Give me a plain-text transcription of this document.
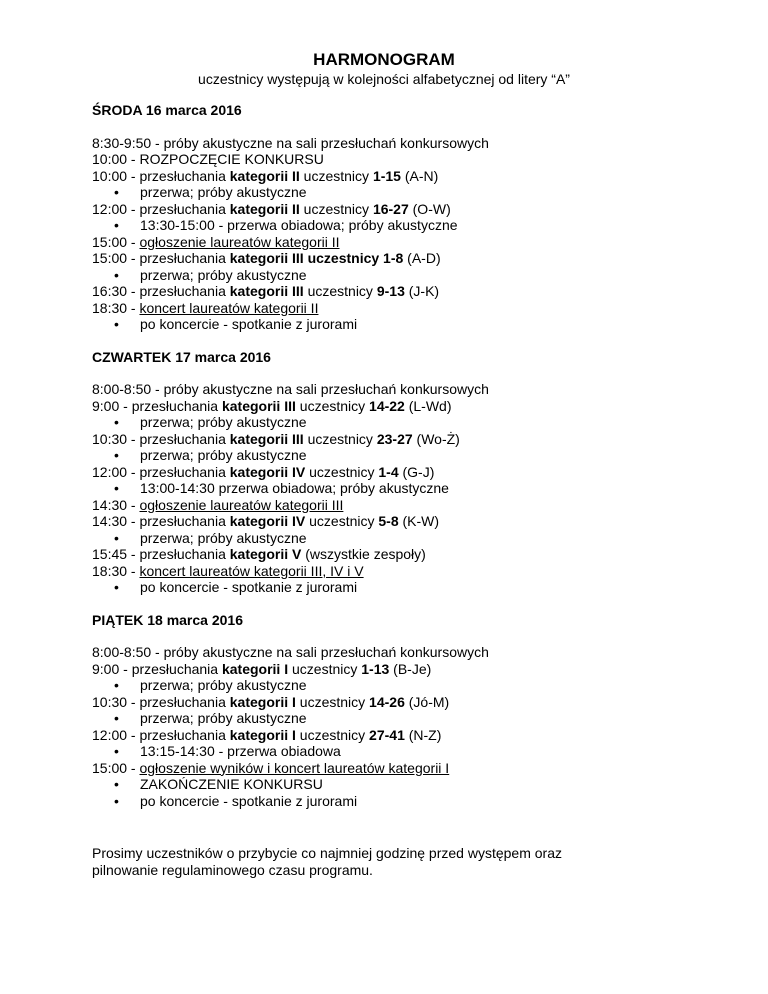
HARMONOGRAM

uczestnicy występują w kolejności alfabetycznej od litery “A”

ŚRODA 16 marca 2016

8:30-9:50 - próby akustyczne na sali przesłuchań konkursowych
10:00 - ROZPOCZĘCIE KONKURSU
10:00 - przesłuchania kategorii II uczestnicy 1-15 (A-N)
• przerwa; próby akustyczne
12:00 - przesłuchania kategorii II uczestnicy 16-27 (O-W)
• 13:30-15:00 - przerwa obiadowa; próby akustyczne
15:00 - ogłoszenie laureatów kategorii II
15:00 - przesłuchania kategorii III uczestnicy 1-8 (A-D)
• przerwa; próby akustyczne
16:30 - przesłuchania kategorii III uczestnicy 9-13 (J-K)
18:30 - koncert laureatów kategorii II
• po koncercie - spotkanie z jurorami

CZWARTEK 17 marca 2016

8:00-8:50 - próby akustyczne na sali przesłuchań konkursowych
9:00 - przesłuchania kategorii III uczestnicy 14-22 (L-Wd)
• przerwa; próby akustyczne
10:30 - przesłuchania kategorii III uczestnicy 23-27 (Wo-Ż)
• przerwa; próby akustyczne
12:00 - przesłuchania kategorii IV uczestnicy 1-4 (G-J)
• 13:00-14:30 przerwa obiadowa; próby akustyczne
14:30 - ogłoszenie laureatów kategorii III
14:30 - przesłuchania kategorii IV uczestnicy 5-8 (K-W)
• przerwa; próby akustyczne
15:45 - przesłuchania kategorii V (wszystkie zespoły)
18:30 - koncert laureatów kategorii III, IV i V
• po koncercie - spotkanie z jurorami

PIĄTEK 18 marca 2016

8:00-8:50 - próby akustyczne na sali przesłuchań konkursowych
9:00 - przesłuchania kategorii I uczestnicy 1-13 (B-Je)
• przerwa; próby akustyczne
10:30 - przesłuchania kategorii I uczestnicy 14-26 (Jó-M)
• przerwa; próby akustyczne
12:00 - przesłuchania kategorii I uczestnicy 27-41 (N-Z)
• 13:15-14:30 - przerwa obiadowa
15:00 - ogłoszenie wyników i koncert laureatów kategorii I
• ZAKOŃCZENIE KONKURSU
• po koncercie - spotkanie z jurorami

Prosimy uczestników o przybycie co najmniej godzinę przed występem oraz
pilnowanie regulaminowego czasu programu.
